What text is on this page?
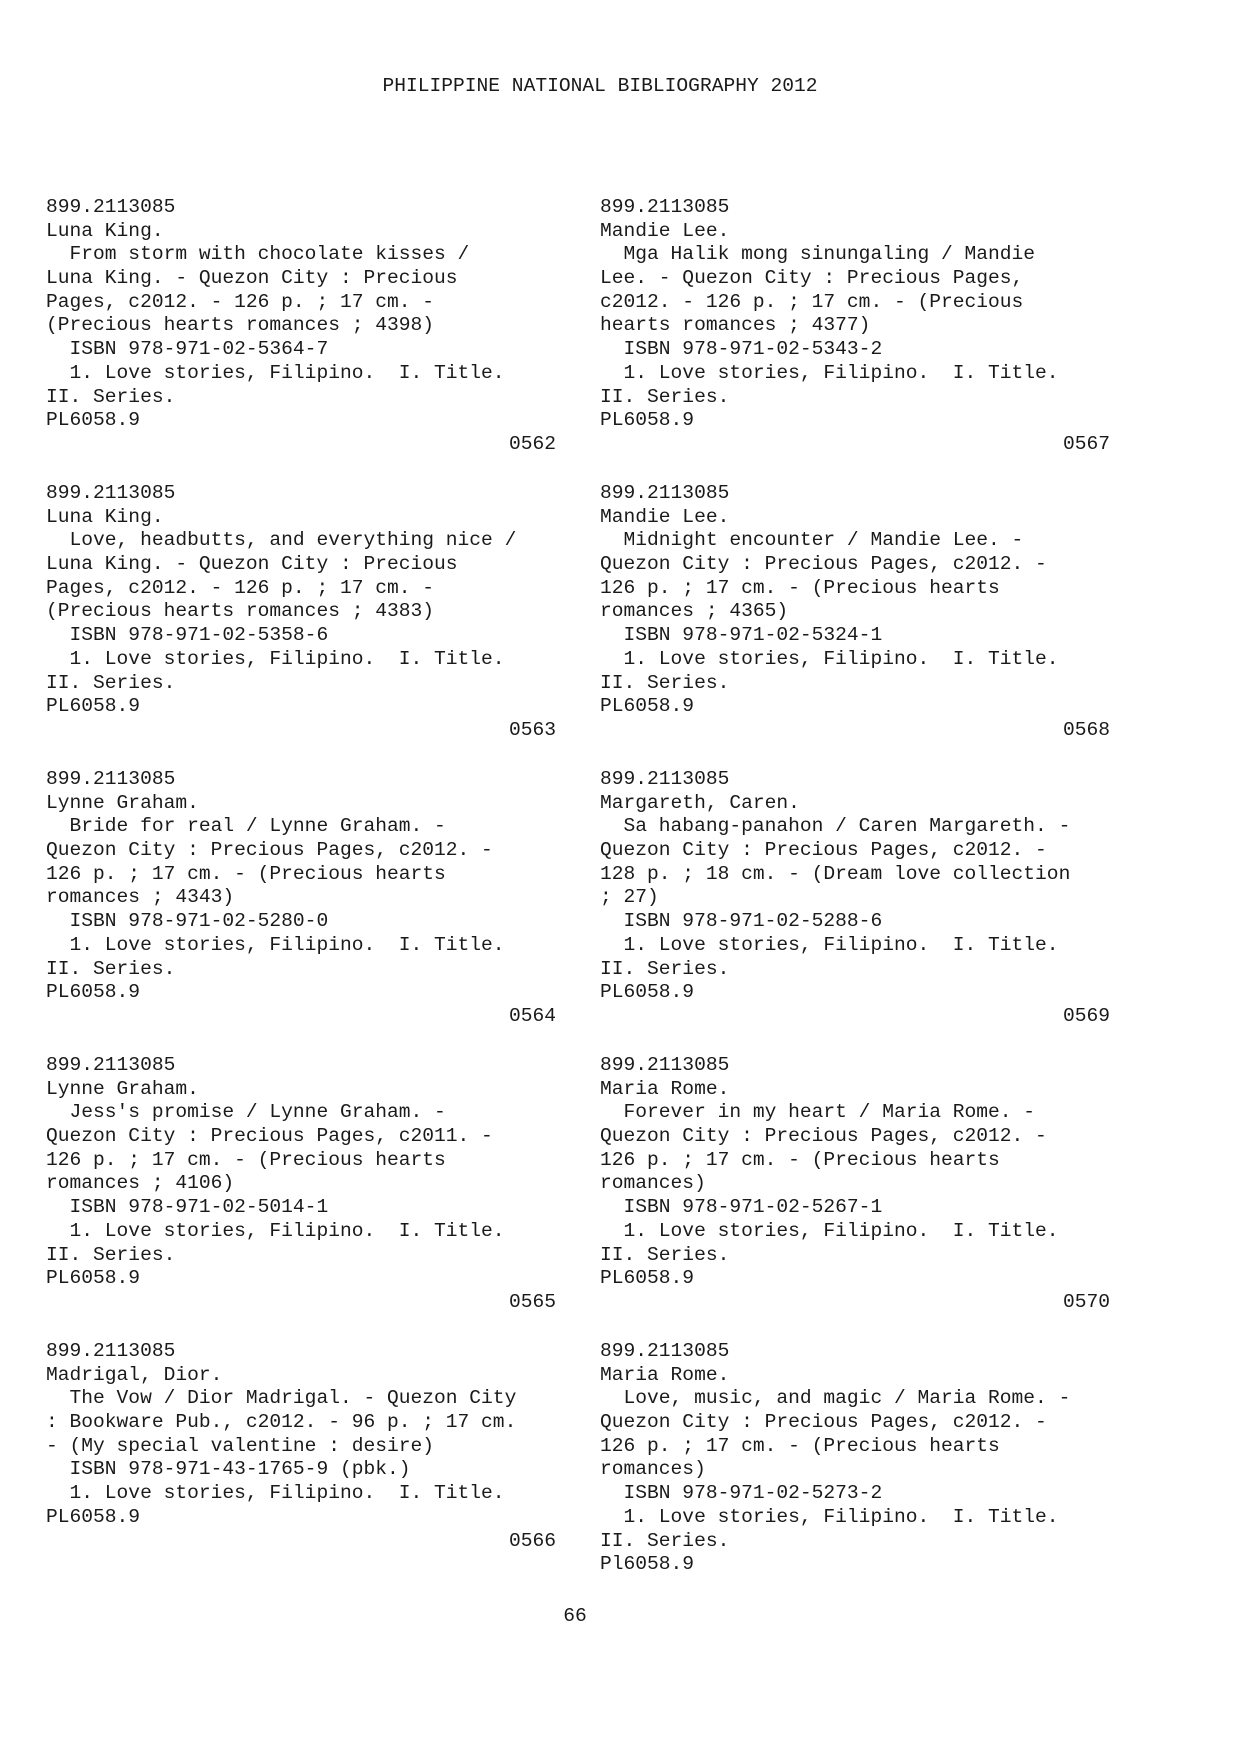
PHILIPPINE NATIONAL BIBLIOGRAPHY 2012
899.2113085
Luna King.
From storm with chocolate kisses /
Luna King. - Quezon City : Precious
Pages, c2012. - 126 p. ; 17 cm. -
(Precious hearts romances ; 4398)
ISBN 978-971-02-5364-7
1. Love stories, Filipino.  I. Title.
II. Series.
PL6058.9
0562
899.2113085
Luna King.
Love, headbutts, and everything nice /
Luna King. - Quezon City : Precious
Pages, c2012. - 126 p. ; 17 cm. -
(Precious hearts romances ; 4383)
ISBN 978-971-02-5358-6
1. Love stories, Filipino.  I. Title.
II. Series.
PL6058.9
0563
899.2113085
Lynne Graham.
Bride for real / Lynne Graham. -
Quezon City : Precious Pages, c2012. -
126 p. ; 17 cm. - (Precious hearts
romances ; 4343)
ISBN 978-971-02-5280-0
1. Love stories, Filipino.  I. Title.
II. Series.
PL6058.9
0564
899.2113085
Lynne Graham.
Jess's promise / Lynne Graham. -
Quezon City : Precious Pages, c2011. -
126 p. ; 17 cm. - (Precious hearts
romances ; 4106)
ISBN 978-971-02-5014-1
1. Love stories, Filipino.  I. Title.
II. Series.
PL6058.9
0565
899.2113085
Madrigal, Dior.
The Vow / Dior Madrigal. - Quezon City
: Bookware Pub., c2012. - 96 p. ; 17 cm.
- (My special valentine : desire)
ISBN 978-971-43-1765-9 (pbk.)
1. Love stories, Filipino.  I. Title.
PL6058.9
0566
899.2113085
Mandie Lee.
Mga Halik mong sinungaling / Mandie
Lee. - Quezon City : Precious Pages,
c2012. - 126 p. ; 17 cm. - (Precious
hearts romances ; 4377)
ISBN 978-971-02-5343-2
1. Love stories, Filipino.  I. Title.
II. Series.
PL6058.9
0567
899.2113085
Mandie Lee.
Midnight encounter / Mandie Lee. -
Quezon City : Precious Pages, c2012. -
126 p. ; 17 cm. - (Precious hearts
romances ; 4365)
ISBN 978-971-02-5324-1
1. Love stories, Filipino.  I. Title.
II. Series.
PL6058.9
0568
899.2113085
Margareth, Caren.
Sa habang-panahon / Caren Margareth. -
Quezon City : Precious Pages, c2012. -
128 p. ; 18 cm. - (Dream love collection
; 27)
ISBN 978-971-02-5288-6
1. Love stories, Filipino.  I. Title.
II. Series.
PL6058.9
0569
899.2113085
Maria Rome.
Forever in my heart / Maria Rome. -
Quezon City : Precious Pages, c2012. -
126 p. ; 17 cm. - (Precious hearts
romances)
ISBN 978-971-02-5267-1
1. Love stories, Filipino.  I. Title.
II. Series.
PL6058.9
0570
899.2113085
Maria Rome.
Love, music, and magic / Maria Rome. -
Quezon City : Precious Pages, c2012. -
126 p. ; 17 cm. - (Precious hearts
romances)
ISBN 978-971-02-5273-2
1. Love stories, Filipino.  I. Title.
II. Series.
Pl6058.9
66
